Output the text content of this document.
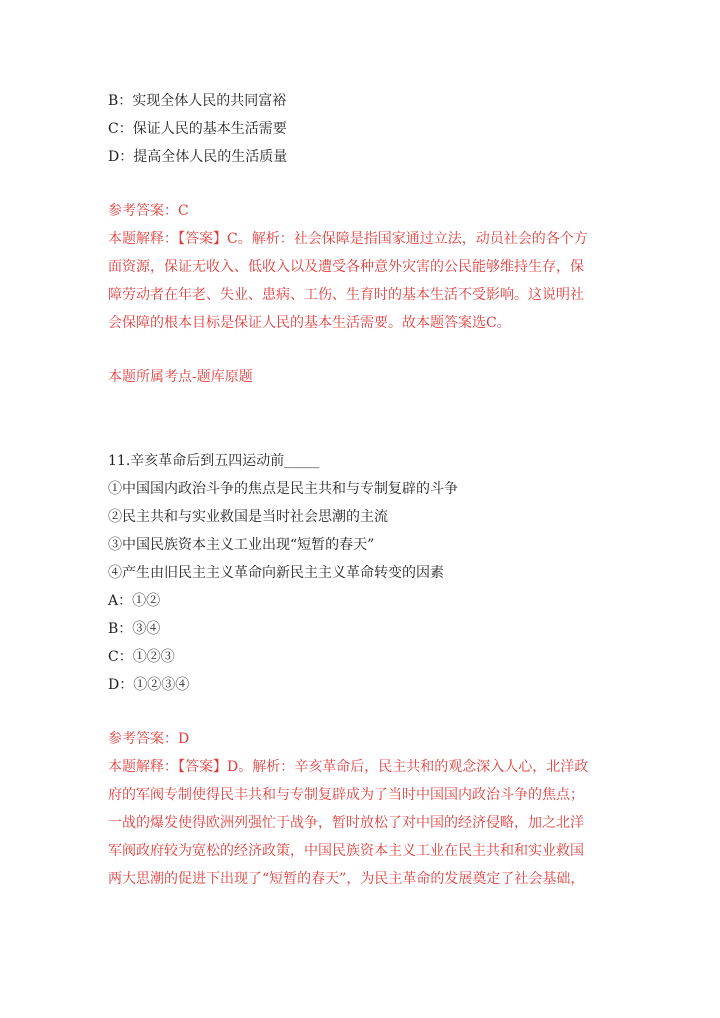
B：实现全体人民的共同富裕
C：保证人民的基本生活需要
D：提高全体人民的生活质量
参考答案：C
本题解释：【答案】C。解析：社会保障是指国家通过立法，动员社会的各个方
面资源，保证无收入、低收入以及遭受各种意外灾害的公民能够维持生存，保
障劳动者在年老、失业、患病、工伤、生育时的基本生活不受影响。这说明社
会保障的根本目标是保证人民的基本生活需要。故本题答案选C。
本题所属考点-题库原题
11.辛亥革命后到五四运动前_____
①中国国内政治斗争的焦点是民主共和与专制复辟的斗争
②民主共和与实业救国是当时社会思潮的主流
③中国民族资本主义工业出现“短暂的春天”
④产生由旧民主主义革命向新民主主义革命转变的因素
A：①②
B：③④
C：①②③
D：①②③④
参考答案：D
本题解释：【答案】D。解析：辛亥革命后，民主共和的观念深入人心，北洋政
府的军阀专制使得民丰共和与专制复辟成为了当时中国国内政治斗争的焦点；
一战的爆发使得欧洲列强忙于战争，暂时放松了对中国的经济侵略，加之北洋
军阀政府较为宽松的经济政策，中国民族资本主义工业在民主共和和实业救国
两大思潮的促进下出现了“短暂的春天”，为民主革命的发展奠定了社会基础，
